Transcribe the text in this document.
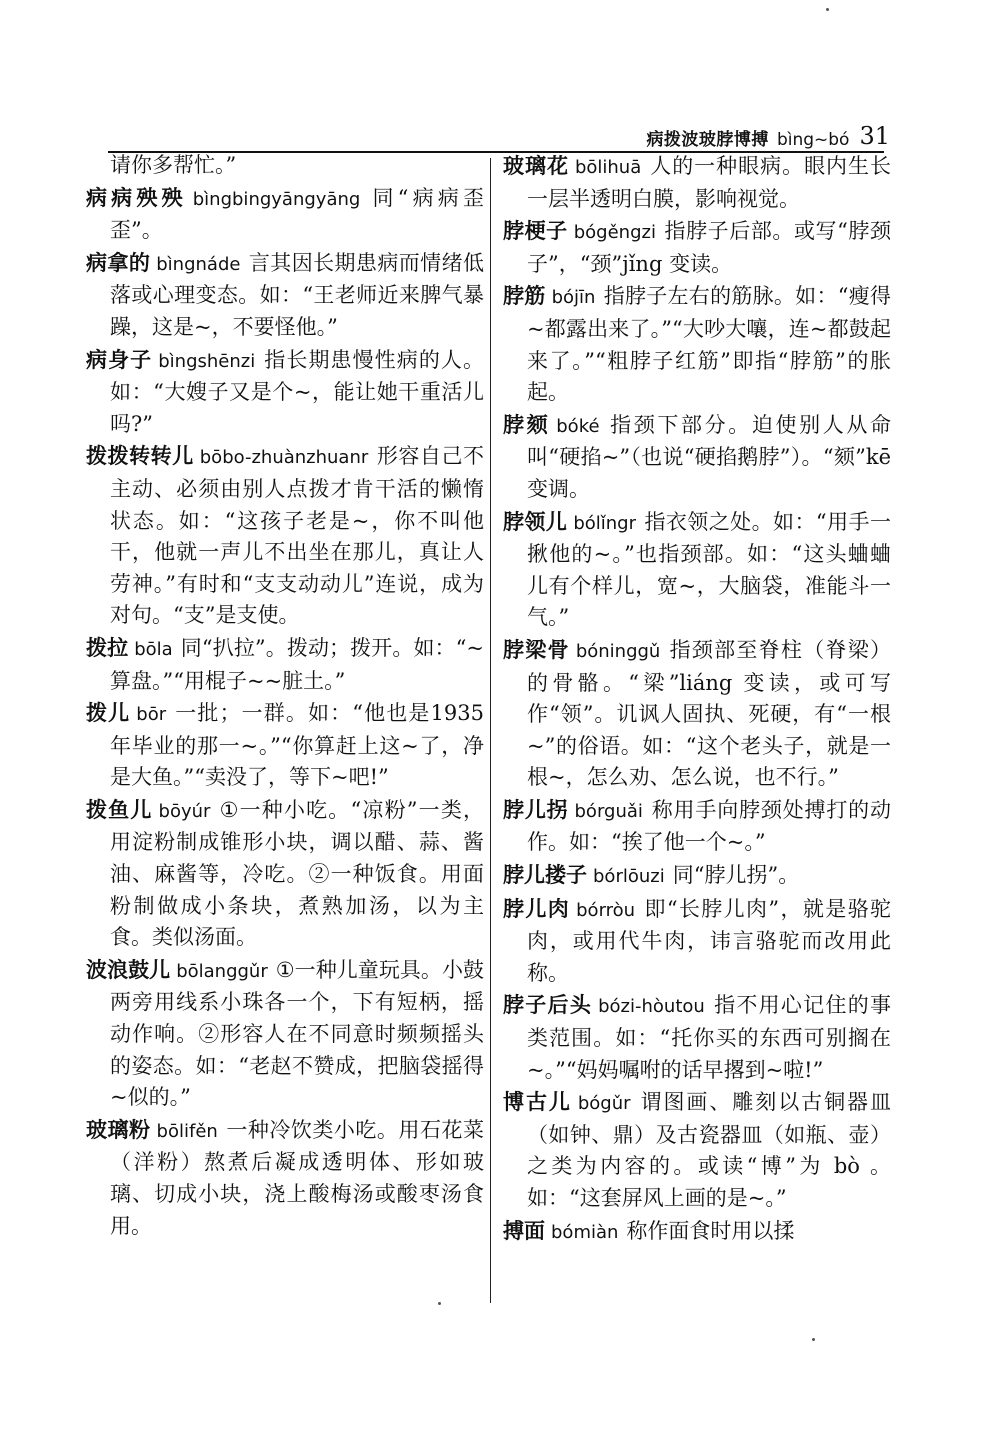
病拨波玻脖博搏 bìng~bó 31
请你多帮忙。”
病病殃殃 bìngbingyāngyāng 同“病病歪歪”。
病拿的 bìngnáde 言其因长期患病而情绪低落或心理变态。如：“王老师近来脾气暴躁，这是~，不要怪他。”
病身子 bìngshēnzi 指长期患慢性病的人。如：“大嫂子又是个~，能让她干重活儿吗?”
拨拨转转儿 bōbo-zhuànzhuanr 形容自己不主动、必须由别人点拨才肯干活的懒惰状态。如：“这孩子老是~，你不叫他干，他就一声儿不出坐在那儿，真让人劳神。”有时和“支支动动儿”连说，成为对句。“支”是支使。
拨拉 bōla 同“扒拉”。拨动；拨开。如：“~算盘。”“用棍子~~脏土。”
拨儿 bōr 一批；一群。如：“他也是1935年毕业的那一~。”“你算赶上这~了，净是大鱼。”“卖没了，等下~吧!”
拨鱼儿 bōyúr ①一种小吃。“凉粉”一类，用淀粉制成锥形小块，调以醋、蒜、酱油、麻酱等，冷吃。②一种饭食。用面粉制做成小条块，煮熟加汤，以为主食。类似汤面。
波浪鼓儿 bōlanggǔr ①一种儿童玩具。小鼓两旁用线系小珠各一个，下有短柄，摇动作响。②形容人在不同意时频频摇头的姿态。如：“老赵不赞成，把脑袋摇得~似的。”
玻璃粉 bōlifěn 一种冷饮类小吃。用石花菜（洋粉）熬煮后凝成透明体、形如玻璃、切成小块，浇上酸梅汤或酸枣汤食用。
玻璃花 bōlihuā 人的一种眼病。眼内生长一层半透明白膜，影响视觉。
脖梗子 bógěngzi 指脖子后部。或写“脖颈子”，“颈”jǐng 变读。
脖筋 bójīn 指脖子左右的筋脉。如：“瘦得~都露出来了。”“大吵大嚷，连~都鼓起来了。”“粗脖子红筋”即指“脖筋”的胀起。
脖颏 bóké 指颈下部分。迫使别人从命叫“硬掐~”（也说“硬掐鹅脖”）。“颏”kē 变调。
脖领儿 bólǐngr 指衣领之处。如：“用手一揪他的~。”也指颈部。如：“这头蛐蛐儿有个样儿，宽~，大脑袋，准能斗一气。”
脖梁骨 bóninggǔ 指颈部至脊柱（脊梁）的骨骼。“梁”liáng 变读，或可写作“领”。讥讽人固执、死硬，有“一根~”的俗语。如：“这个老头子，就是一根~，怎么劝、怎么说，也不行。”
脖儿拐 bórguǎi 称用手向脖颈处搏打的动作。如：“挨了他一个~。”
脖儿搂子 bórlōuzi 同“脖儿拐”。
脖儿肉 bórròu 即“长脖儿肉”，就是骆驼肉，或用代牛肉，讳言骆驼而改用此称。
脖子后头 bózi-hòutou 指不用心记住的事类范围。如：“托你买的东西可别搁在~。”“妈妈嘱咐的话早撂到~啦!”
博古儿 bógǔr 谓图画、雕刻以古铜器皿（如钟、鼎）及古瓷器皿（如瓶、壶）之类为内容的。或读“博”为 bò 。如：“这套屏风上画的是~。”
搏面 bómiàn 称作面食时用以揉
